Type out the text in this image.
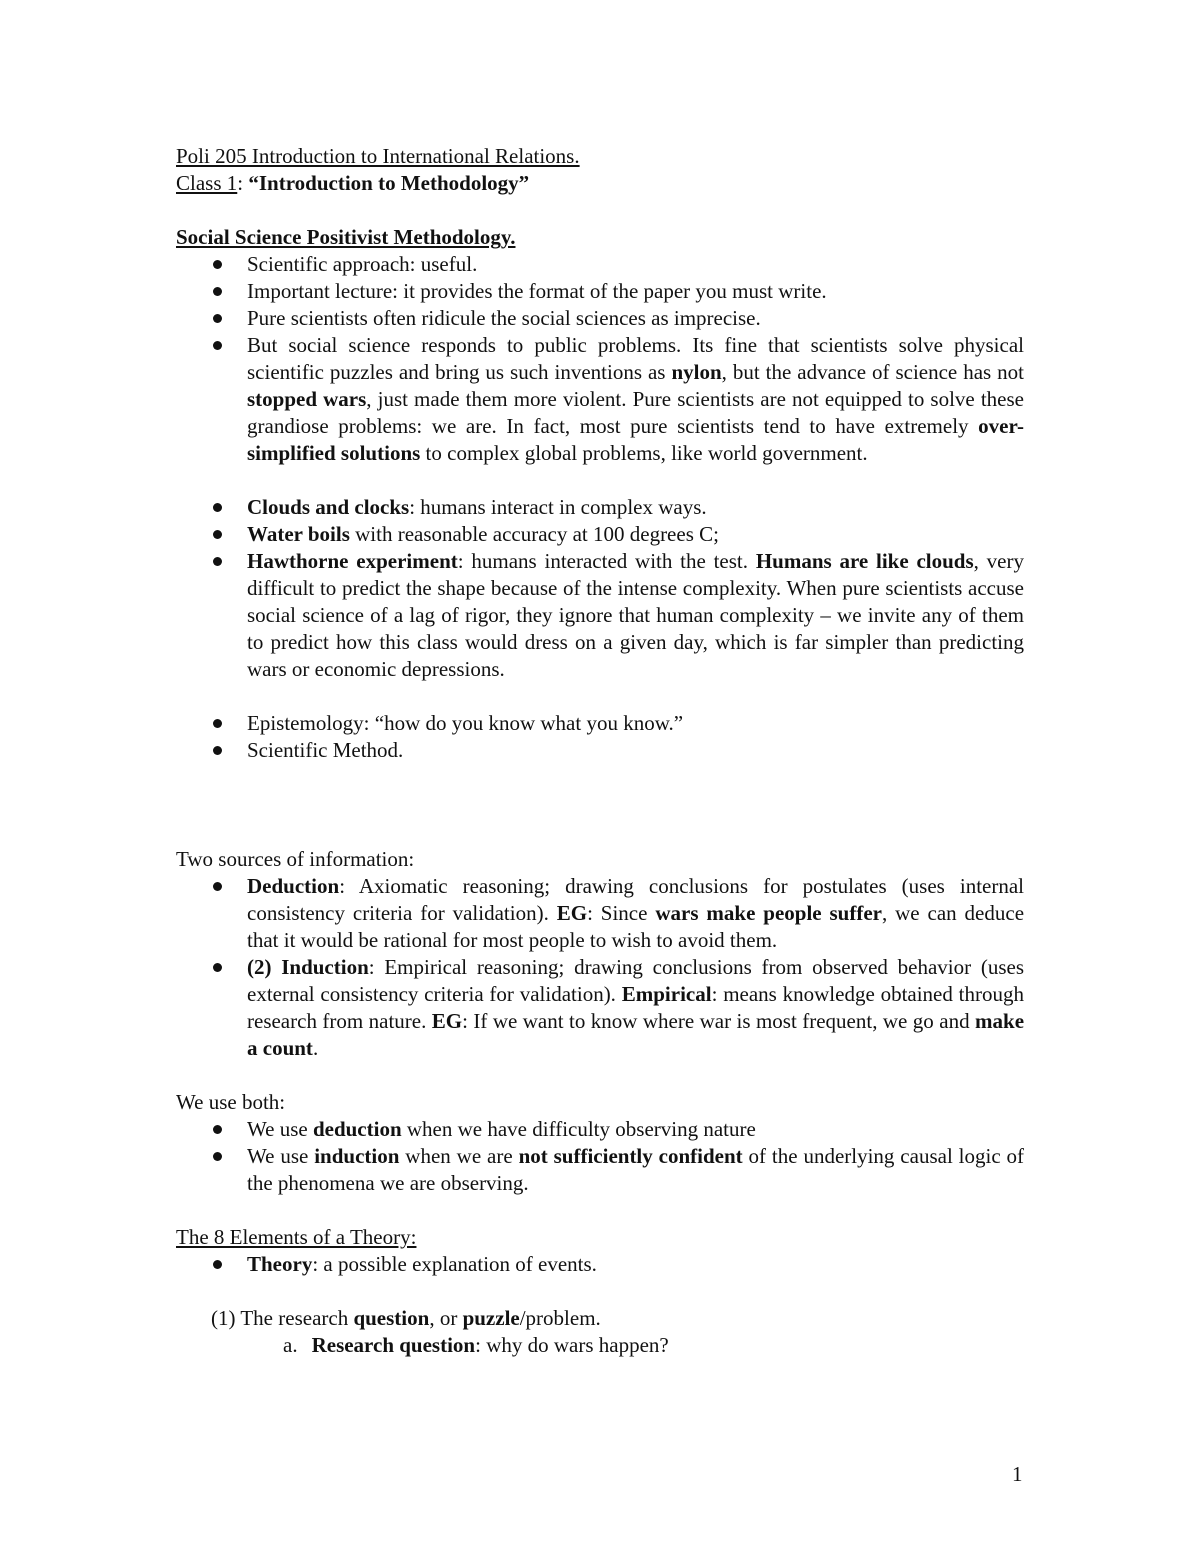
Poli 205 Introduction to International Relations.
Class 1: “Introduction to Methodology”
Social Science Positivist Methodology.
Scientific approach: useful.
Important lecture: it provides the format of the paper you must write.
Pure scientists often ridicule the social sciences as imprecise.
But social science responds to public problems. Its fine that scientists solve physical scientific puzzles and bring us such inventions as nylon, but the advance of science has not stopped wars, just made them more violent. Pure scientists are not equipped to solve these grandiose problems: we are. In fact, most pure scientists tend to have extremely over-simplified solutions to complex global problems, like world government.
Clouds and clocks: humans interact in complex ways.
Water boils with reasonable accuracy at 100 degrees C;
Hawthorne experiment: humans interacted with the test. Humans are like clouds, very difficult to predict the shape because of the intense complexity. When pure scientists accuse social science of a lag of rigor, they ignore that human complexity – we invite any of them to predict how this class would dress on a given day, which is far simpler than predicting wars or economic depressions.
Epistemology: “how do you know what you know.”
Scientific Method.
Two sources of information:
Deduction: Axiomatic reasoning; drawing conclusions for postulates (uses internal consistency criteria for validation). EG: Since wars make people suffer, we can deduce that it would be rational for most people to wish to avoid them.
(2) Induction: Empirical reasoning; drawing conclusions from observed behavior (uses external consistency criteria for validation). Empirical: means knowledge obtained through research from nature. EG: If we want to know where war is most frequent, we go and make a count.
We use both:
We use deduction when we have difficulty observing nature
We use induction when we are not sufficiently confident of the underlying causal logic of the phenomena we are observing.
The 8 Elements of a Theory:
Theory: a possible explanation of events.
(1) The research question, or puzzle/problem.
a. Research question: why do wars happen?
1
